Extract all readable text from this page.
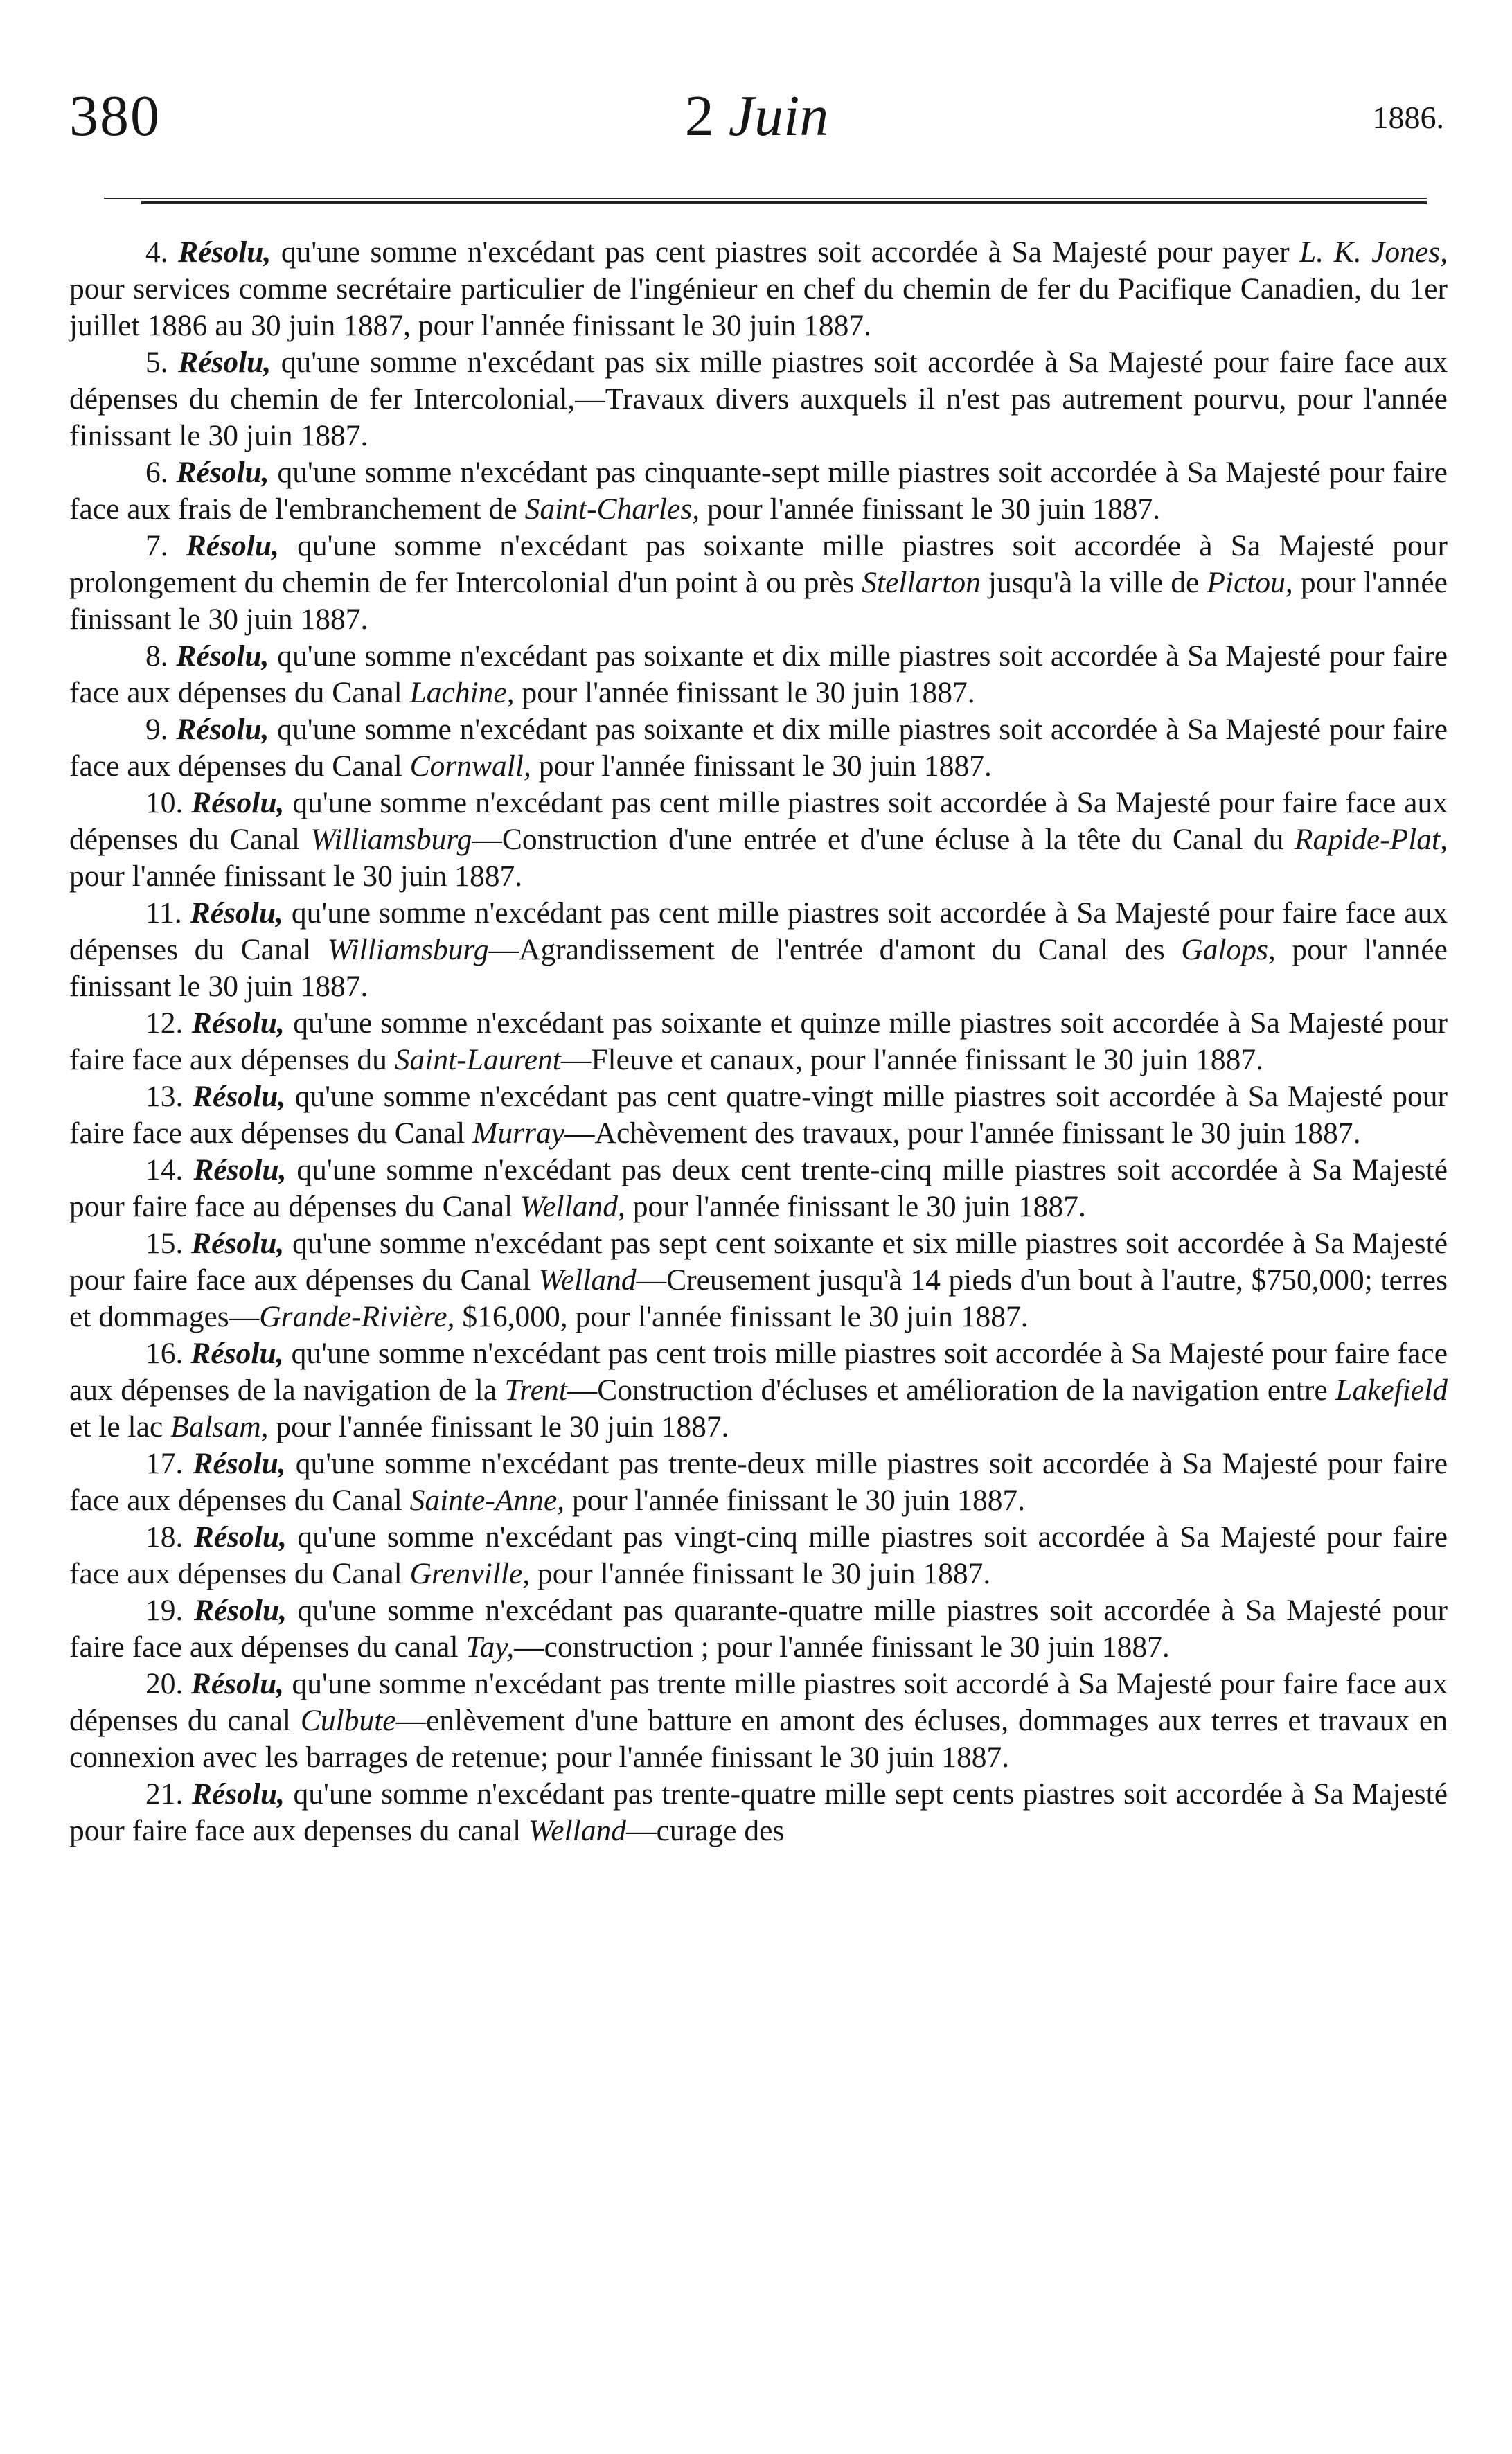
380	2 Juin	1886.

4. Résolu, qu'une somme n'excédant pas cent piastres soit accordée à Sa Majesté pour payer L. K. Jones, pour services comme secrétaire particulier de l'ingénieur en chef du chemin de fer du Pacifique Canadien, du 1er juillet 1886 au 30 juin 1887, pour l'année finissant le 30 juin 1887.

5. Résolu, qu'une somme n'excédant pas six mille piastres soit accordée à Sa Majesté pour faire face aux dépenses du chemin de fer Intercolonial,—Travaux divers auxquels il n'est pas autrement pourvu, pour l'année finissant le 30 juin 1887.

6. Résolu, qu'une somme n'excédant pas cinquante-sept mille piastres soit accordée à Sa Majesté pour faire face aux frais de l'embranchement de Saint-Charles, pour l'année finissant le 30 juin 1887.

7. Résolu, qu'une somme n'excédant pas soixante mille piastres soit accordée à Sa Majesté pour prolongement du chemin de fer Intercolonial d'un point à ou près Stellarton jusqu'à la ville de Pictou, pour l'année finissant le 30 juin 1887.

8. Résolu, qu'une somme n'excédant pas soixante et dix mille piastres soit accordée à Sa Majesté pour faire face aux dépenses du Canal Lachine, pour l'année finissant le 30 juin 1887.

9. Résolu, qu'une somme n'excédant pas soixante et dix mille piastres soit accordée à Sa Majesté pour faire face aux dépenses du Canal Cornwall, pour l'année finissant le 30 juin 1887.

10. Résolu, qu'une somme n'excédant pas cent mille piastres soit accordée à Sa Majesté pour faire face aux dépenses du Canal Williamsburg—Construction d'une entrée et d'une écluse à la tête du Canal du Rapide-Plat, pour l'année finissant le 30 juin 1887.

11. Résolu, qu'une somme n'excédant pas cent mille piastres soit accordée à Sa Majesté pour faire face aux dépenses du Canal Williamsburg—Agrandissement de l'entrée d'amont du Canal des Galops, pour l'année finissant le 30 juin 1887.

12. Résolu, qu'une somme n'excédant pas soixante et quinze mille piastres soit accordée à Sa Majesté pour faire face aux dépenses du Saint-Laurent—Fleuve et canaux, pour l'année finissant le 30 juin 1887.

13. Résolu, qu'une somme n'excédant pas cent quatre-vingt mille piastres soit accordée à Sa Majesté pour faire face aux dépenses du Canal Murray—Achèvement des travaux, pour l'année finissant le 30 juin 1887.

14. Résolu, qu'une somme n'excédant pas deux cent trente-cinq mille piastres soit accordée à Sa Majesté pour faire face au dépenses du Canal Welland, pour l'année finissant le 30 juin 1887.

15. Résolu, qu'une somme n'excédant pas sept cent soixante et six mille piastres soit accordée à Sa Majesté pour faire face aux dépenses du Canal Welland—Creusement jusqu'à 14 pieds d'un bout à l'autre, $750,000; terres et dommages—Grande-Rivière, $16,000, pour l'année finissant le 30 juin 1887.

16. Résolu, qu'une somme n'excédant pas cent trois mille piastres soit accordée à Sa Majesté pour faire face aux dépenses de la navigation de la Trent—Construction d'écluses et amélioration de la navigation entre Lakefield et le lac Balsam, pour l'année finissant le 30 juin 1887.

17. Résolu, qu'une somme n'excédant pas trente-deux mille piastres soit accordée à Sa Majesté pour faire face aux dépenses du Canal Sainte-Anne, pour l'année finissant le 30 juin 1887.

18. Résolu, qu'une somme n'excédant pas vingt-cinq mille piastres soit accordée à Sa Majesté pour faire face aux dépenses du Canal Grenville, pour l'année finissant le 30 juin 1887.

19. Résolu, qu'une somme n'excédant pas quarante-quatre mille piastres soit accordée à Sa Majesté pour faire face aux dépenses du canal Tay,—construction ; pour l'année finissant le 30 juin 1887.

20. Résolu, qu'une somme n'excédant pas trente mille piastres soit accordé à Sa Majesté pour faire face aux dépenses du canal Culbute—enlèvement d'une batture en amont des écluses, dommages aux terres et travaux en connexion avec les barrages de retenue; pour l'année finissant le 30 juin 1887.

21. Résolu, qu'une somme n'excédant pas trente-quatre mille sept cents piastres soit accordée à Sa Majesté pour faire face aux depenses du canal Welland—curage des
